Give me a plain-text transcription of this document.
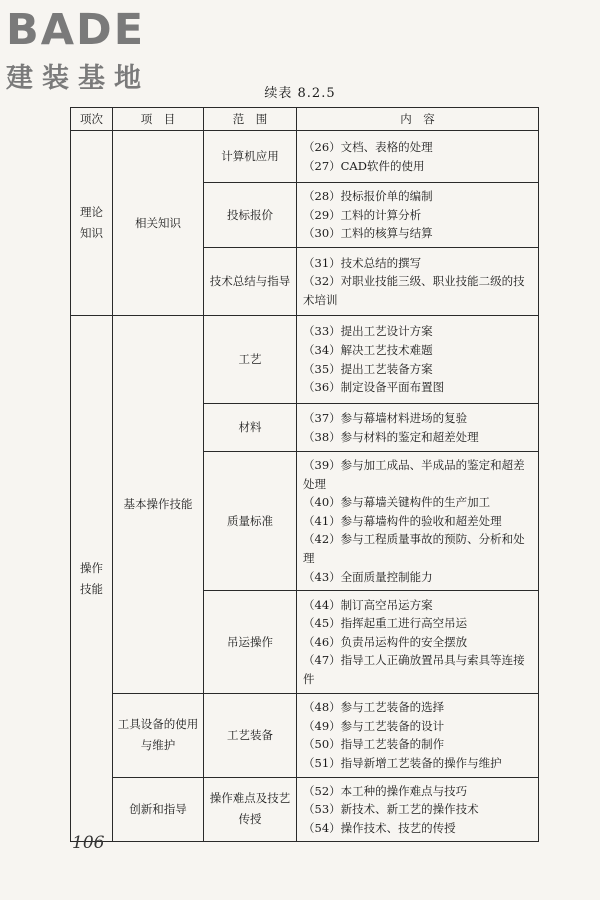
BADE
建装基地	续表 8.2.5
项次	项　目	范　围	内　容
理论
知识	相关知识	计算机应用	（26）文档、表格的处理
（27）CAD软件的使用

		投标报价	（28）投标报价单的编制
（29）工料的计算分析
（30）工料的核算与结算

		技术总结与指导	（31）技术总结的撰写
（32）对职业技能三级、职业技能二级的技术培训

操作
技能	基本操作技能	工艺	（33）提出工艺设计方案
（34）解决工艺技术难题
（35）提出工艺装备方案
（36）制定设备平面布置图

		材料	（37）参与幕墙材料进场的复验
（38）参与材料的鉴定和超差处理

		质量标准	（39）参与加工成品、半成品的鉴定和超差处理
（40）参与幕墙关键构件的生产加工
（41）参与幕墙构件的验收和超差处理
（42）参与工程质量事故的预防、分析和处理
（43）全面质量控制能力

		吊运操作	（44）制订高空吊运方案
（45）指挥起重工进行高空吊运
（46）负责吊运构件的安全摆放
（47）指导工人正确放置吊具与索具等连接件

	工具设备的使用与维护	工艺装备	（48）参与工艺装备的选择
（49）参与工艺装备的设计
（50）指导工艺装备的制作
（51）指导新增工艺装备的操作与维护

	创新和指导	操作难点及技艺传授	（52）本工种的操作难点与技巧
（53）新技术、新工艺的操作技术
（54）操作技术、技艺的传授
106
